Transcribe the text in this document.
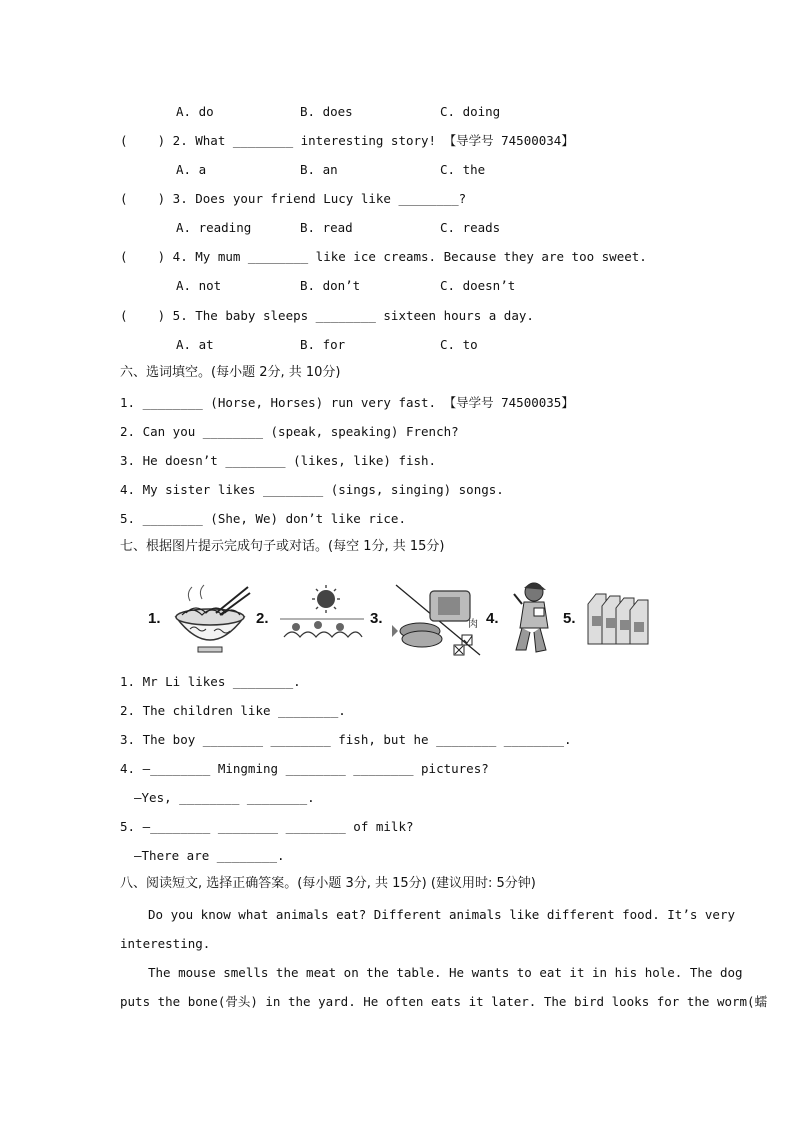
A. do	B. does	C. doing
(    ) 2. What ________ interesting story! 【导学号 74500034】
A. a	B. an	C. the
(    ) 3. Does your friend Lucy like ________?
A. reading	B. read	C. reads
(    ) 4. My mum ________ like ice creams. Because they are too sweet.
A. not	B. don’t	C. doesn’t
(    ) 5. The baby sleeps ________ sixteen hours a day.
A. at	B. for	C. to
六、选词填空。(每小题 2分, 共 10分)
1. ________ (Horse, Horses) run very fast. 【导学号 74500035】
2. Can you ________ (speak, speaking) French?
3. He doesn’t ________ (likes, like) fish.
4. My sister likes ________ (sings, singing) songs.
5. ________ (She, We) don’t like rice.
七、根据图片提示完成句子或对话。(每空 1分, 共 15分)
1.	2.	3.	肉 4.	5.
1. Mr Li likes ________.
2. The children like ________.
3. The boy ________ ________ fish, but he ________ ________.
4. —________ Mingming ________ ________ pictures?
—Yes, ________ ________.
5. —________ ________ ________ of milk?
—There are ________.
八、阅读短文, 选择正确答案。(每小题 3分, 共 15分) (建议用时: 5分钟)
Do you know what animals eat? Different animals like different food. It’s very
interesting.
The mouse smells the meat on the table. He wants to eat it in his hole. The dog
puts the bone(骨头) in the yard. He often eats it later. The bird looks for the worm(蠕
